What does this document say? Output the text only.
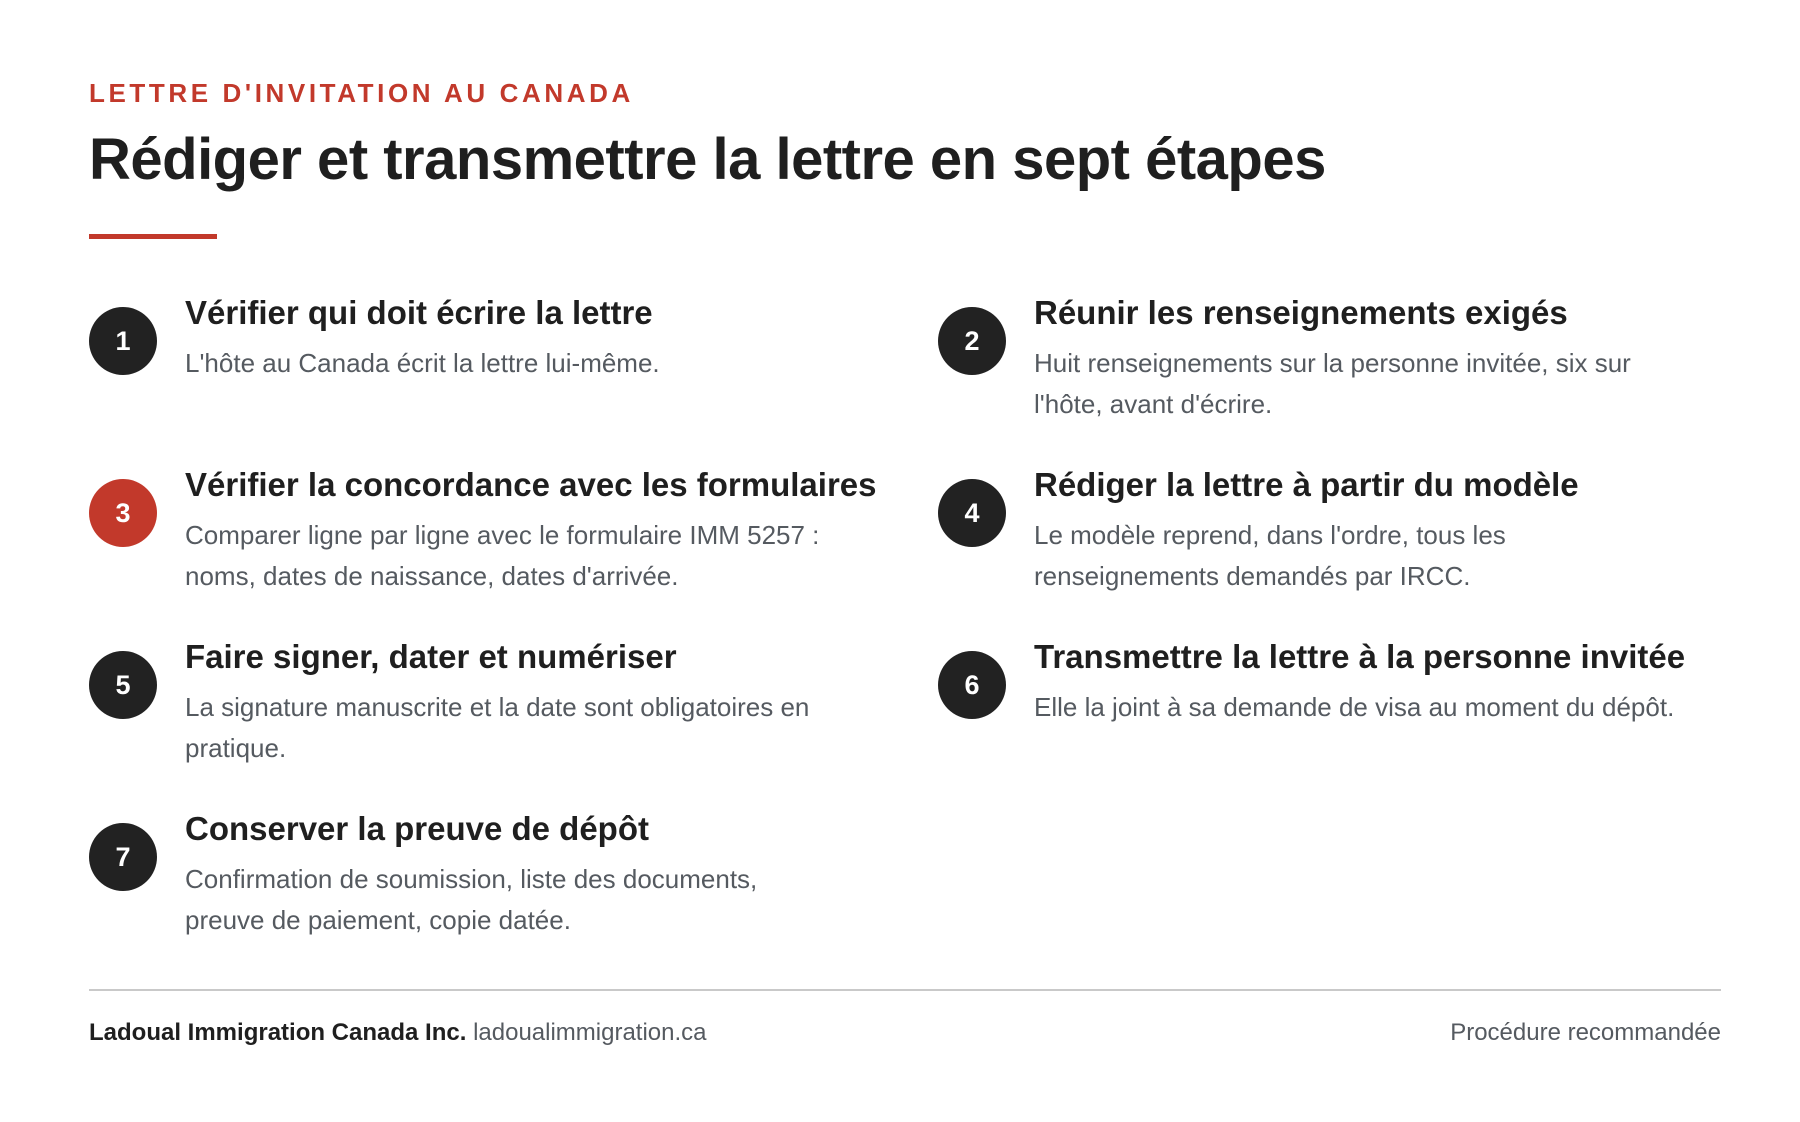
LETTRE D'INVITATION AU CANADA
Rédiger et transmettre la lettre en sept étapes
1
Vérifier qui doit écrire la lettre

L'hôte au Canada écrit la lettre lui-même.

2
Réunir les renseignements exigés

Huit renseignements sur la personne invitée, six sur l'hôte, avant d'écrire.

3
Vérifier la concordance avec les formulaires

Comparer ligne par ligne avec le formulaire IMM 5257 : noms, dates de naissance, dates d'arrivée.

4
Rédiger la lettre à partir du modèle

Le modèle reprend, dans l'ordre, tous les renseignements demandés par IRCC.

5
Faire signer, dater et numériser

La signature manuscrite et la date sont obligatoires en pratique.

6
Transmettre la lettre à la personne invitée

Elle la joint à sa demande de visa au moment du dépôt.

7
Conserver la preuve de dépôt

Confirmation de soumission, liste des documents, preuve de paiement, copie datée.

Ladoual Immigration Canada Inc. ladoualimmigration.ca	Procédure recommandée
